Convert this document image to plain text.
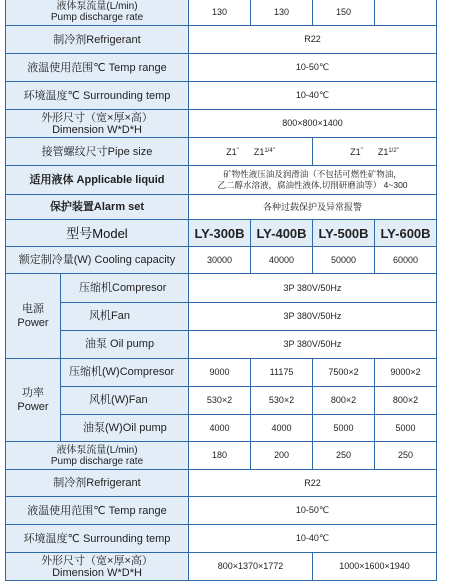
液体泵流量(L/min)
Pump discharge rate		130	130	150	
制冷剂Refrigerant		R22			
液温使用范围℃ Temp range		10-50℃			
环境温度℃ Surrounding temp		10-40℃			

外形尺寸（宽×厚×高）
Dimension W*D*H		800×800×1400			
接管螺纹尺寸Pipe size		Z1" $Z1^{1/4"}$		Z1" $Z1^{1/2"}$
适用液体 Applicable liquid		矿物性液压油及润滑油（不包括可燃性矿物油，
乙二醇水溶液，腐油性液体,切削研磨油等） 4~300			

保护装置Alarm set		各种过载保护及异常报警			
型号Model		LY-300B	LY-400B	LY-500B	LY-600B
额定制冷量(W) Cooling capacity		30000	40000	50000	60000

电源
Power	压缩机Compresor	3P 380V/50Hz			
	风机Fan	3P 380V/50Hz			
	油泵 Oil pump	3P 380V/50Hz			

功率
Power	压缩机(W)Compresor	9000	11175	7500×2	9000×2
	风机(W)Fan	530×2	530×2	800×2	800×2
	油泵(W)Oil pump	4000	4000	5000	5000

液体泵流量(L/min)
Pump discharge rate		180	200	250	250
制冷剂Refrigerant		R22			
液温使用范围℃ Temp range		10-50℃			
环境温度℃ Surrounding temp		10-40℃			

外形尺寸（宽×厚×高）
Dimension W*D*H		800×1370×1772		1000×1600×1940	
